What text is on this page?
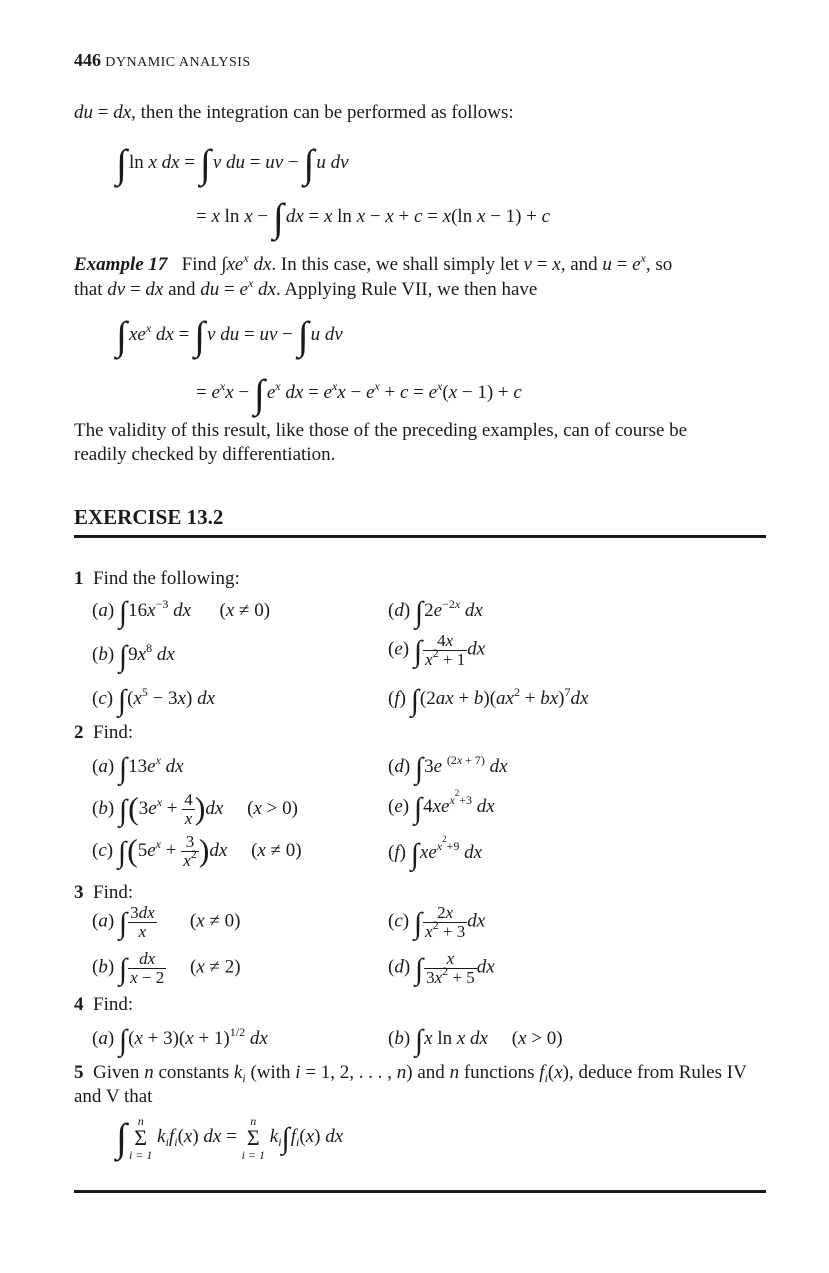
446 DYNAMIC ANALYSIS
du = dx, then the integration can be performed as follows:
∫ ln x dx = ∫ v du = uv − ∫ u dv
= x ln x − ∫ dx = x ln x − x + c = x(ln x − 1) + c
Example 17   Find $\int xe^x$ dx. In this case, we shall simply let v = x, and $u = e^x$, so
that dv = dx and du = $e^x$ dx. Applying Rule VII, we then have
∫ $xe^x$ dx = ∫ v du = uv − ∫ u dv
= $e^xx$ − ∫ $e^x$ dx = $e^xx - e^x + c = e^x(x - 1) + c$
The validity of this result, like those of the preceding examples, can of course be
readily checked by differentiation.
EXERCISE 13.2
1 Find the following:
(a) $\int 16x^{-3}$ dx      (x ≠ 0)	(d) $\int 2e^{-2x}$ dx
(b) $\int 9x^8$ dx	(e) ∫ $\frac{4x}{x^2 + 1}$ dx
(c) $\int(x^5 - 3x)$ dx	(f) $\int(2ax + b)(ax^2 + bx)^7dx$
2 Find:
(a) $\int 13e^x$ dx	(d) ∫3e $^{(2x + 7)}$ dx
(b) $\int(3e^x + \frac{4}{x} )dx$     (x > 0)	(e) $\int 4xe^{x^2+3}$ dx
(c) $\int(5e^x + \frac{3}{x^2} )dx$     (x ≠ 0)	(f) $\int xe^{x^2+9}$ dx
3 Find:
(a) ∫ $\frac{3dx}{x} (x \ne 0)$	(c) ∫ $\frac{2x}{x^2 + 3}$ dx
(b) ∫ $\frac{dx}{x - 2} (x \ne 2)$	(d) ∫ $\frac{x}{3x^2 + 5}$ dx
4 Find:
(a) $\int(x + 3)(x + 1)^{1/2}$ dx	(b) ∫x ln x dx     (x > 0)
5  Given n constants $k_i$ (with i = 1, 2, . . . , n) and n functions $f_i(x)$, deduce from Rules IV
and V that
∫ n
Σ
i = 1
$k_if_i(x)$ dx =
n
Σ
i = 1
$k_i\int f_i(x)$ dx
